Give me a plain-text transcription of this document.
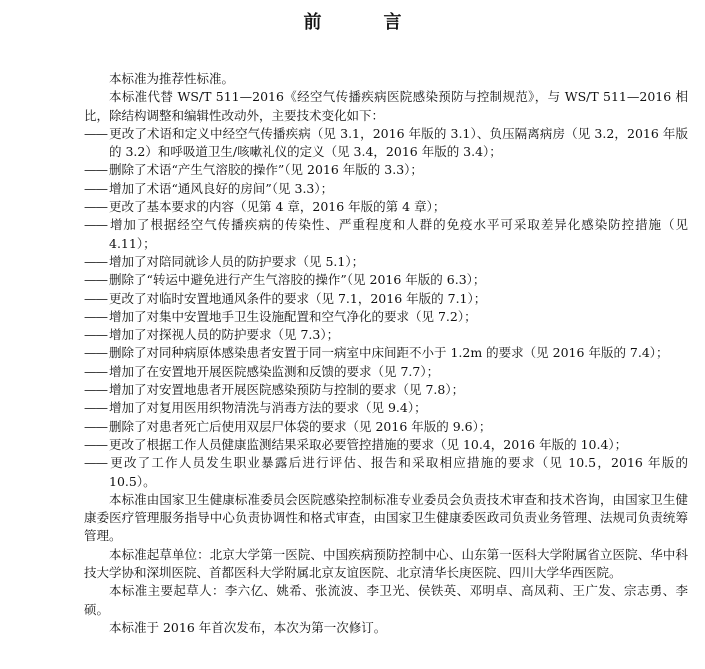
前　言

本标准为推荐性标准。

本标准代替 WS/T 511—2016《经空气传播疾病医院感染预防与控制规范》，与 WS/T 511—2016 相比，除结构调整和编辑性改动外，主要技术变化如下：

—— 更改了术语和定义中经空气传播疾病（见 3.1，2016 年版的 3.1）、负压隔离病房（见 3.2，2016 年版的 3.2）和呼吸道卫生/咳嗽礼仪的定义（见 3.4，2016 年版的 3.4）；

—— 删除了术语“产生气溶胶的操作”（见 2016 年版的 3.3）；

—— 增加了术语“通风良好的房间”（见 3.3）；

—— 更改了基本要求的内容（见第 4 章，2016 年版的第 4 章）；

—— 增加了根据经空气传播疾病的传染性、严重程度和人群的免疫水平可采取差异化感染防控措施（见 4.11）；

—— 增加了对陪同就诊人员的防护要求（见 5.1）；

—— 删除了“转运中避免进行产生气溶胶的操作”（见 2016 年版的 6.3）；

—— 更改了对临时安置地通风条件的要求（见 7.1，2016 年版的 7.1）；

—— 增加了对集中安置地手卫生设施配置和空气净化的要求（见 7.2）；

—— 增加了对探视人员的防护要求（见 7.3）；

—— 删除了对同种病原体感染患者安置于同一病室中床间距不小于 1.2m 的要求（见 2016 年版的 7.4）；

—— 增加了在安置地开展医院感染监测和反馈的要求（见 7.7）；

—— 增加了对安置地患者开展医院感染预防与控制的要求（见 7.8）；

—— 增加了对复用医用织物清洗与消毒方法的要求（见 9.4）；

—— 删除了对患者死亡后使用双层尸体袋的要求（见 2016 年版的 9.6）；

—— 更改了根据工作人员健康监测结果采取必要管控措施的要求（见 10.4，2016 年版的 10.4）；

—— 更改了工作人员发生职业暴露后进行评估、报告和采取相应措施的要求（见 10.5，2016 年版的 10.5）。

本标准由国家卫生健康标准委员会医院感染控制标准专业委员会负责技术审查和技术咨询，由国家卫生健康委医疗管理服务指导中心负责协调性和格式审查，由国家卫生健康委医政司负责业务管理、法规司负责统筹管理。

本标准起草单位：北京大学第一医院、中国疾病预防控制中心、山东第一医科大学附属省立医院、华中科技大学协和深圳医院、首都医科大学附属北京友谊医院、北京清华长庚医院、四川大学华西医院。

本标准主要起草人：李六亿、姚希、张流波、李卫光、侯铁英、邓明卓、高凤莉、王广发、宗志勇、李硕。

本标准于 2016 年首次发布，本次为第一次修订。
